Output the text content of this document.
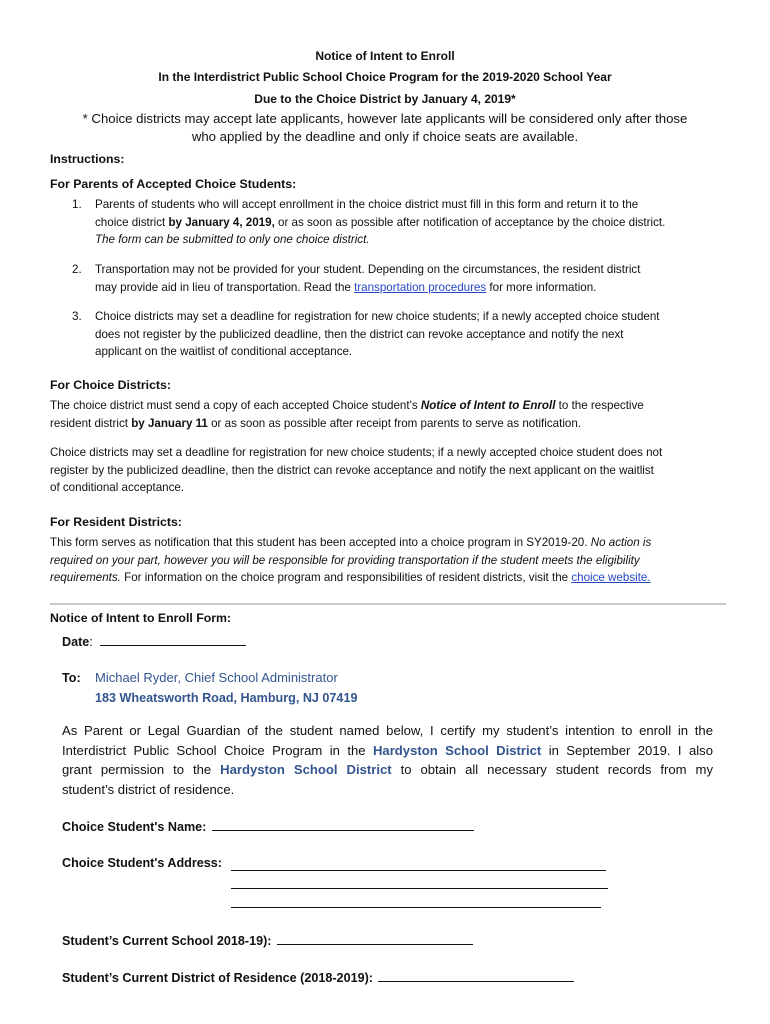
Notice of Intent to Enroll
In the Interdistrict Public School Choice Program for the 2019-2020 School Year
Due to the Choice District by January 4, 2019*
* Choice districts may accept late applicants, however late applicants will be considered only after those
who applied by the deadline and only if choice seats are available.
Instructions:
For Parents of Accepted Choice Students:
1. Parents of students who will accept enrollment in the choice district must fill in this form and return it to the
choice district by January 4, 2019, or as soon as possible after notification of acceptance by the choice district.
The form can be submitted to only one choice district.
2. Transportation may not be provided for your student. Depending on the circumstances, the resident district
may provide aid in lieu of transportation. Read the transportation procedures for more information.
3. Choice districts may set a deadline for registration for new choice students; if a newly accepted choice student
does not register by the publicized deadline, then the district can revoke acceptance and notify the next
applicant on the waitlist of conditional acceptance.
For Choice Districts:
The choice district must send a copy of each accepted Choice student's Notice of Intent to Enroll to the respective
resident district by January 11 or as soon as possible after receipt from parents to serve as notification.
Choice districts may set a deadline for registration for new choice students; if a newly accepted choice student does not
register by the publicized deadline, then the district can revoke acceptance and notify the next applicant on the waitlist
of conditional acceptance.
For Resident Districts:
This form serves as notification that this student has been accepted into a choice program in SY2019-20. No action is
required on your part, however you will be responsible for providing transportation if the student meets the eligibility
requirements. For information on the choice program and responsibilities of resident districts, visit the choice website.
Notice of Intent to Enroll Form:
Date:
To: Michael Ryder, Chief School Administrator
183 Wheatsworth Road, Hamburg, NJ 07419
As Parent or Legal Guardian of the student named below, I certify my student’s intention to enroll in the
Interdistrict Public School Choice Program in the Hardyston School District in September 2019. I also
grant permission to the Hardyston School District to obtain all necessary student records from my
student’s district of residence.
Choice Student's Name:
Choice Student's Address:
Student’s Current School 2018-19):
Student’s Current District of Residence (2018-2019):
